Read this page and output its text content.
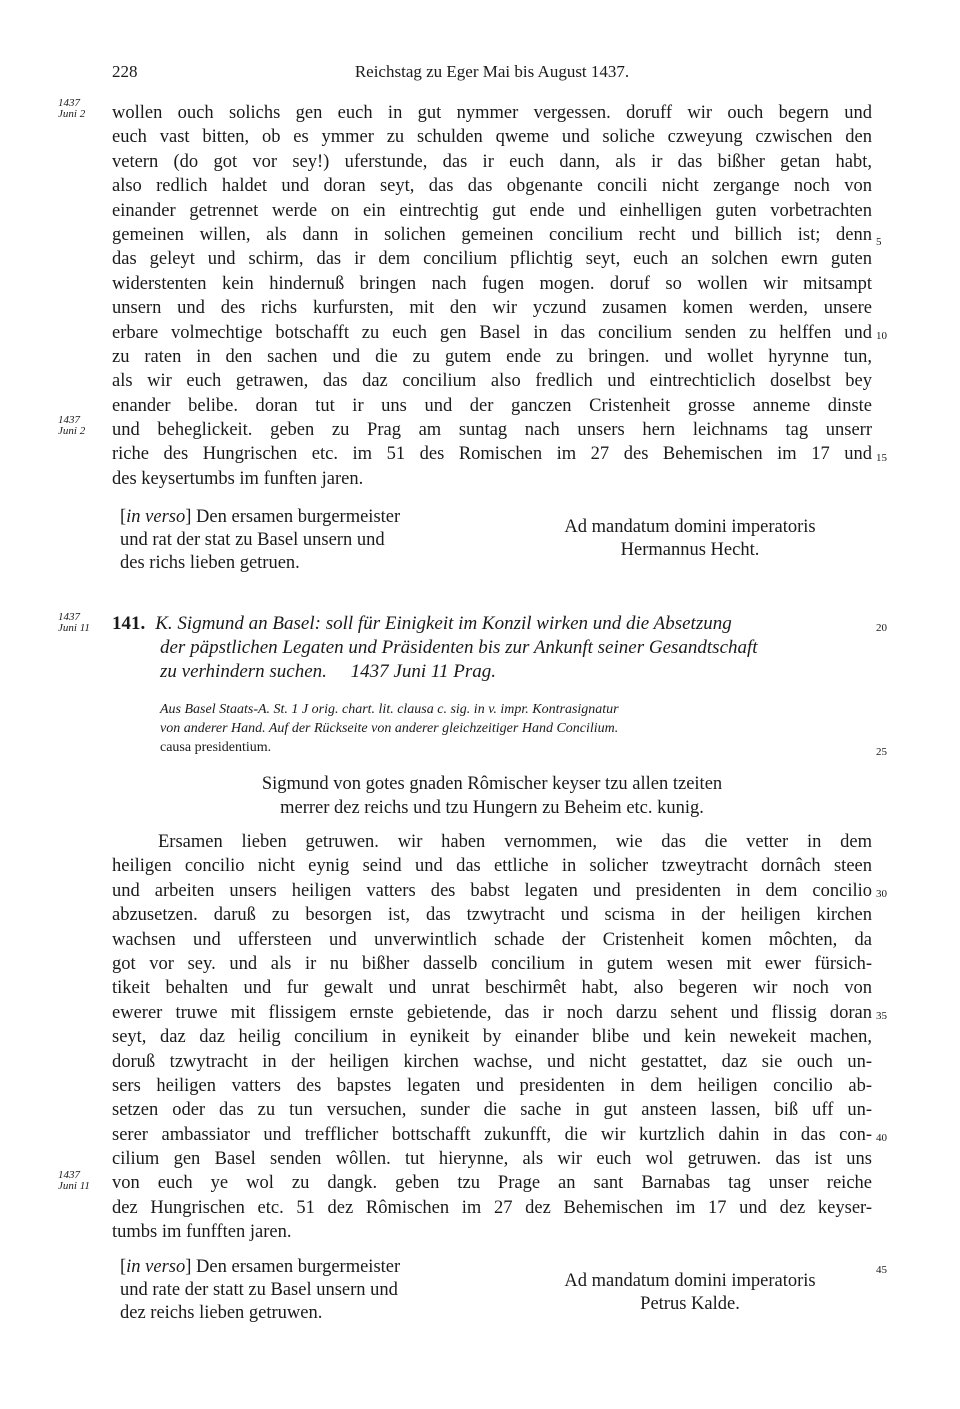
228	Reichstag zu Eger Mai bis August 1437.
1437
Juni 2
1437
Juni 2
1437
Juni 11
1437
Juni 11
5
10
15
20
25
30
35
40
45
wollen ouch solichs gen euch in gut nymmer vergessen. doruff wir ouch begern und
euch vast bitten, ob es ymmer zu schulden qweme und soliche czweyung czwischen den
vetern (do got vor sey!) uferstunde, das ir euch dann, als ir das bißher getan habt,
also redlich haldet und doran seyt, das das obgenante concili nicht zergange noch von
einander getrennet werde on ein eintrechtig gut ende und einhelligen guten vorbetrachten
gemeinen willen, als dann in solichen gemeinen concilium recht und billich ist; denn
das geleyt und schirm, das ir dem concilium pflichtig seyt, euch an solchen ewrn guten
widerstenten kein hindernuß bringen nach fugen mogen. doruf so wollen wir mitsampt
unsern und des richs kurfursten, mit den wir yczund zusamen komen werden, unsere
erbare volmechtige botschafft zu euch gen Basel in das concilium senden zu helffen und
zu raten in den sachen und die zu gutem ende zu bringen. und wollet hyrynne tun,
als wir euch getrawen, das daz concilium also fredlich und eintrechticlich doselbst bey
enander belibe. doran tut ir uns und der ganczen Cristenheit grosse anneme dinste
und beheglickeit. geben zu Prag am suntag nach unsers hern leichnams tag unserr
riche des Hungrischen etc. im 51 des Romischen im 27 des Behemischen im 17 und
des keysertumbs im funften jaren.
[in verso] Den ersamen burgermeister
und rat der stat zu Basel unsern und
des richs lieben getruen.
Ad mandatum domini imperatoris
Hermannus Hecht.
141. K. Sigmund an Basel: soll für Einigkeit im Konzil wirken und die Absetzung
der päpstlichen Legaten und Präsidenten bis zur Ankunft seiner Gesandtschaft
zu verhindern suchen.     1437 Juni 11 Prag.
Aus Basel Staats-A. St. 1 J orig. chart. lit. clausa c. sig. in v. impr. Kontrasignatur
von anderer Hand. Auf der Rückseite von anderer gleichzeitiger Hand Concilium.
causa presidentium.
Sigmund von gotes gnaden Rômischer keyser tzu allen tzeiten
merrer dez reichs und tzu Hungern zu Beheim etc. kunig.
Ersamen lieben getruwen. wir haben vernommen, wie das die vetter in dem
heiligen concilio nicht eynig seind und das ettliche in solicher tzweytracht dornâch steen
und arbeiten unsers heiligen vatters des babst legaten und presidenten in dem concilio
abzusetzen. daruß zu besorgen ist, das tzwytracht und scisma in der heiligen kirchen
wachsen und uffersteen und unverwintlich schade der Cristenheit komen môchten, da
got vor sey. und als ir nu bißher dasselb concilium in gutem wesen mit ewer fürsich-
tikeit behalten und fur gewalt und unrat beschirmêt habt, also begeren wir noch von
ewerer truwe mit flissigem ernste gebietende, das ir noch darzu sehent und flissig doran
seyt, daz daz heilig concilium in eynikeit by einander blibe und kein newekeit machen,
doruß tzwytracht in der heiligen kirchen wachse, und nicht gestattet, daz sie ouch un-
sers heiligen vatters des bapstes legaten und presidenten in dem heiligen concilio ab-
setzen oder das zu tun versuchen, sunder die sache in gut ansteen lassen, biß uff un-
serer ambassiator und trefflicher bottschafft zukunfft, die wir kurtzlich dahin in das con-
cilium gen Basel senden wôllen. tut hierynne, als wir euch wol getruwen. das ist uns
von euch ye wol zu dangk. geben tzu Prage an sant Barnabas tag unser reiche
dez Hungrischen etc. 51 dez Rômischen im 27 dez Behemischen im 17 und dez keyser-
tumbs im funfften jaren.
[in verso] Den ersamen burgermeister
und rate der statt zu Basel unsern und
dez reichs lieben getruwen.
Ad mandatum domini imperatoris
Petrus Kalde.
